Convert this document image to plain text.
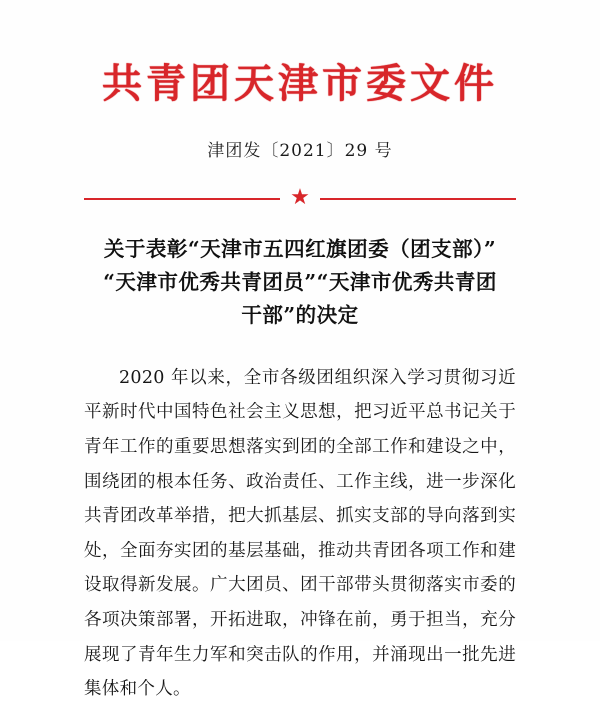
共青团天津市委文件
津团发〔2021〕29 号
★
关于表彰“天津市五四红旗团委（团支部）” “天津市优秀共青团员”“天津市优秀共青团
干部”的决定

2020 年以来，全市各级团组织深入学习贯彻习近平新时代中国特色社会主义思想，把习近平总书记关于青年工作的重要思想落实到团的全部工作和建设之中，围绕团的根本任务、政治责任、工作主线，进一步深化共青团改革举措，把大抓基层、抓实支部的导向落到实处，全面夯实团的基层基础，推动共青团各项工作和建设取得新发展。广大团员、团干部带头贯彻落实市委的各项决策部署，开拓进取，冲锋在前，勇于担当，充分展现了青年生力军和突击队的作用，并涌现出一批先进集体和个人。
